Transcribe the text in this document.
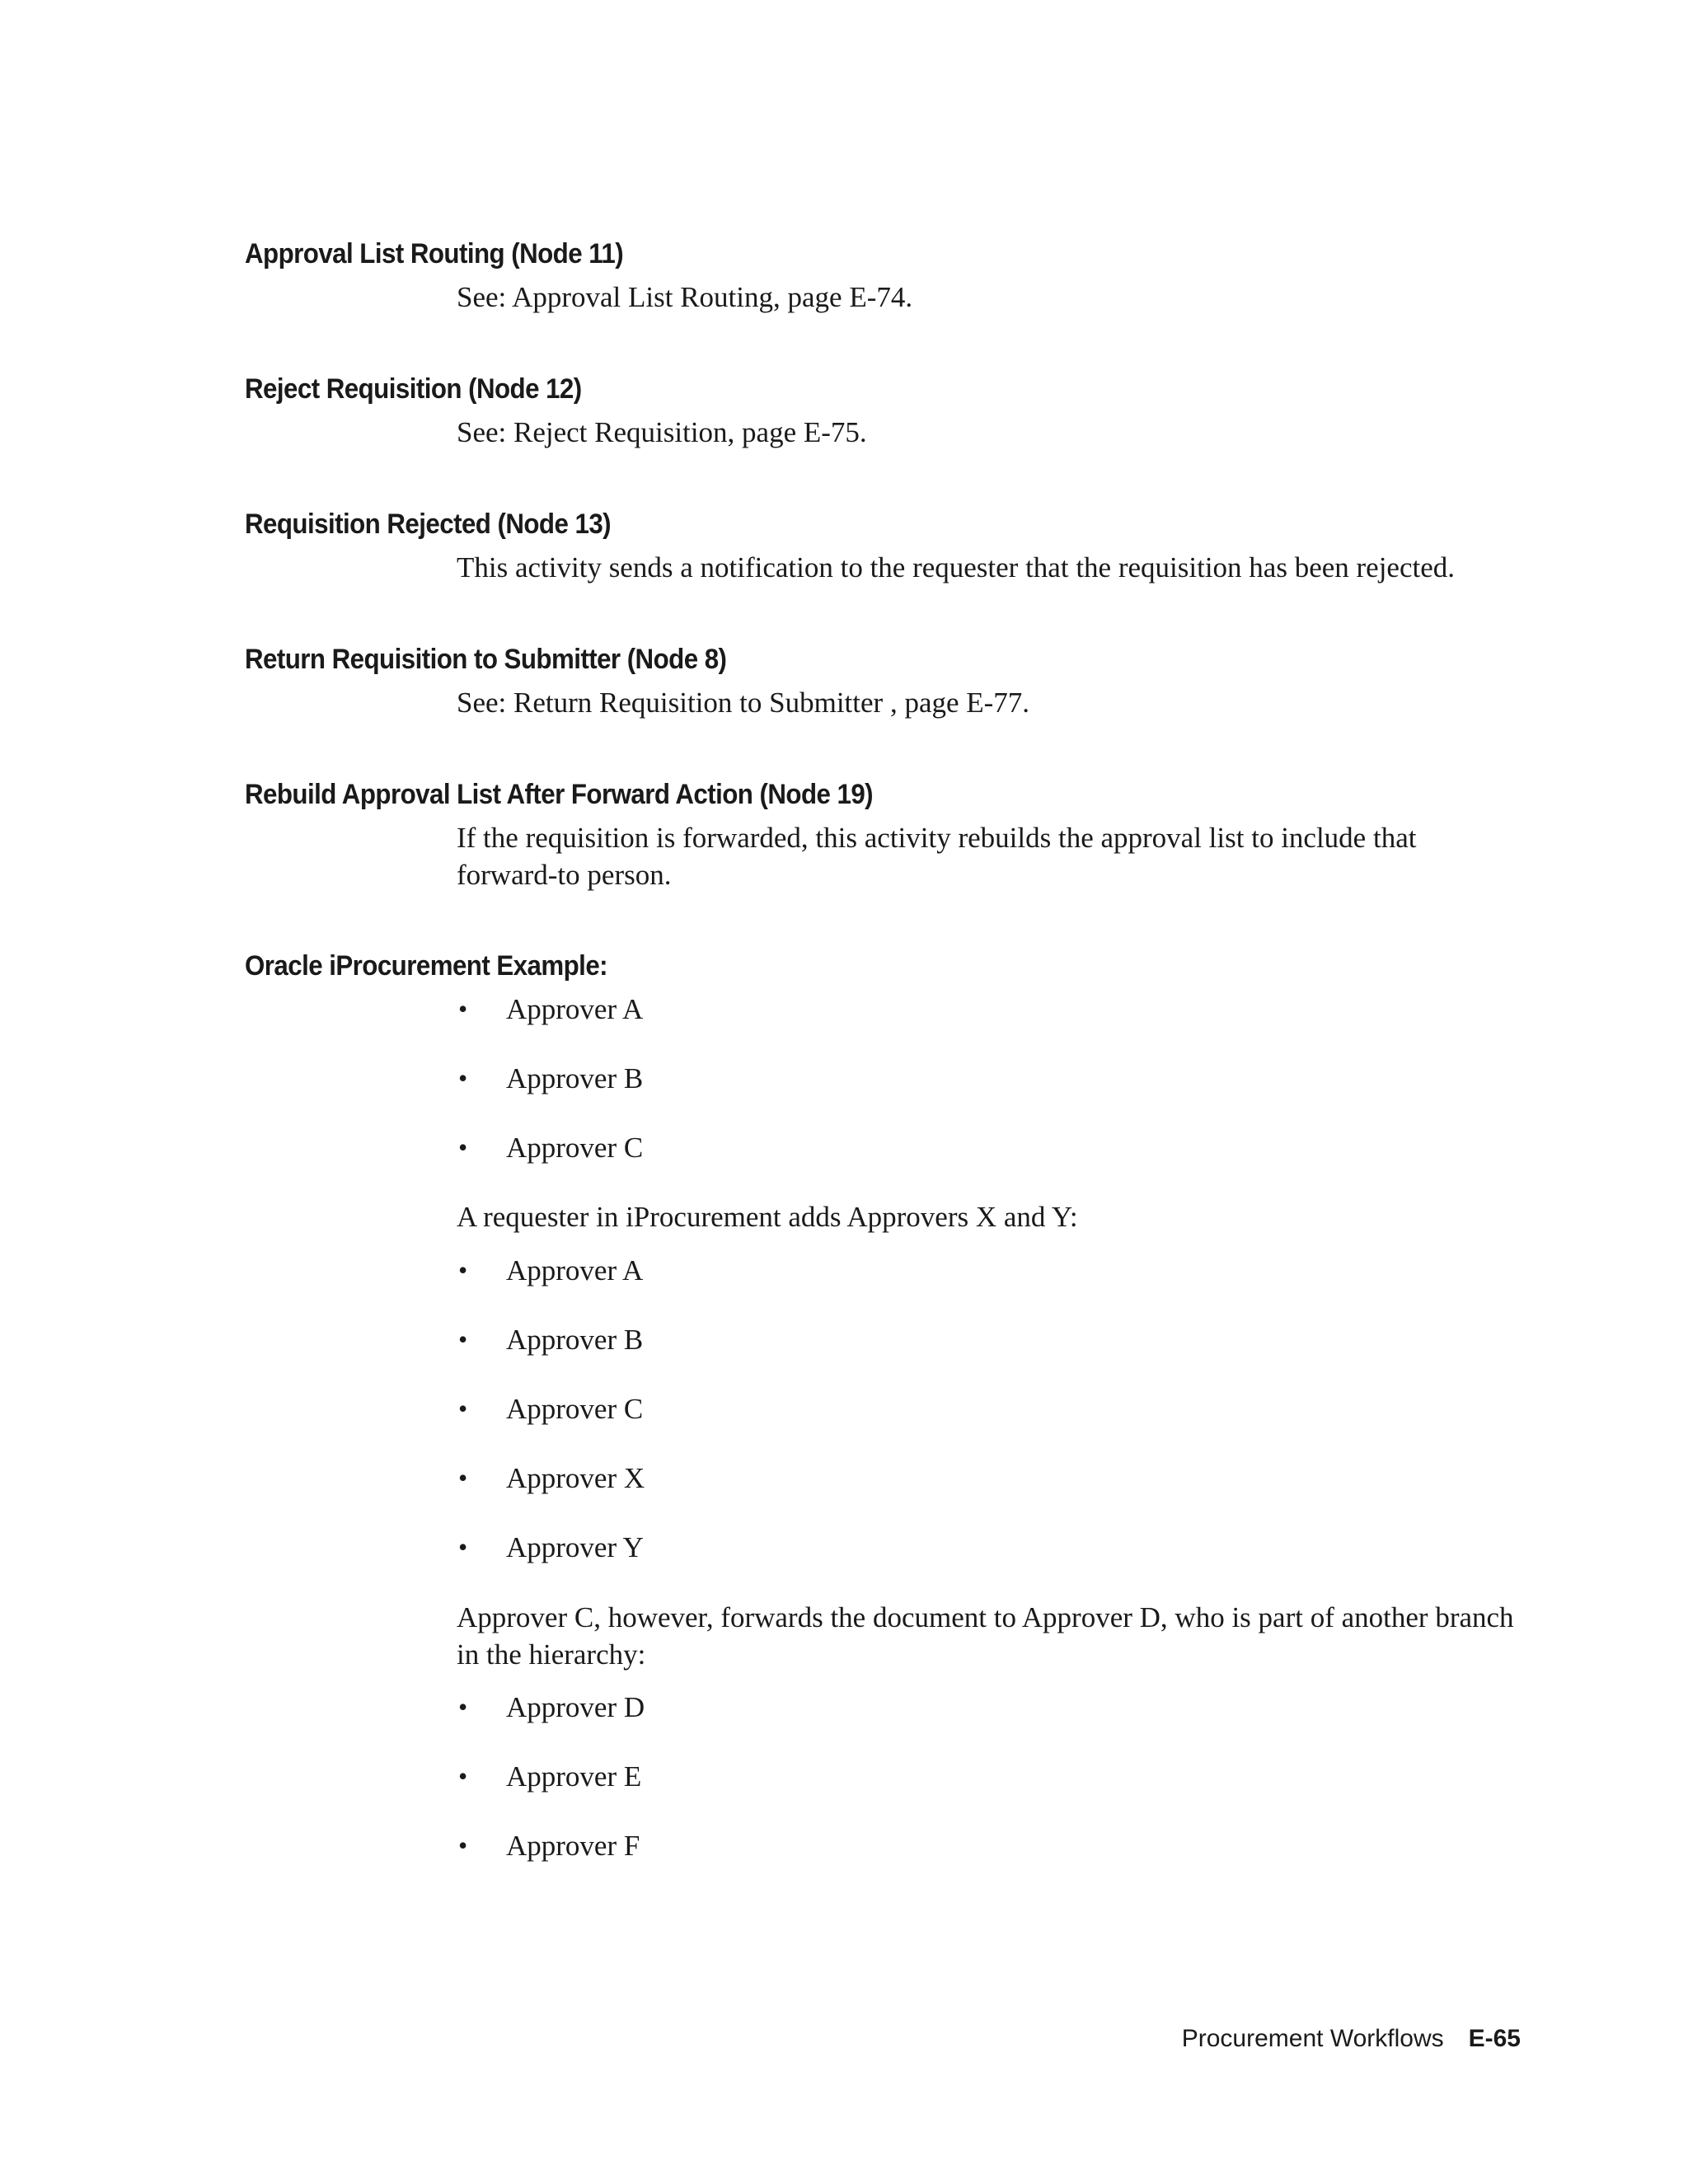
Approval List Routing (Node 11)

See: Approval List Routing, page E-74.

Reject Requisition (Node 12)

See: Reject Requisition, page E-75.

Requisition Rejected (Node 13)

This activity sends a notification to the requester that the requisition has been rejected.

Return Requisition to Submitter (Node 8)

See: Return Requisition to Submitter , page E-77.

Rebuild Approval List After Forward Action (Node 19)

If the requisition is forwarded, this activity rebuilds the approval list to include that forward-to person.

Oracle iProcurement Example:
• Approver A
• Approver B
• Approver C

A requester in iProcurement adds Approvers X and Y:

• Approver A
• Approver B
• Approver C
• Approver X
• Approver Y

Approver C, however, forwards the document to Approver D, who is part of another branch in the hierarchy:

• Approver D
• Approver E
• Approver F
Procurement Workflows E-65
